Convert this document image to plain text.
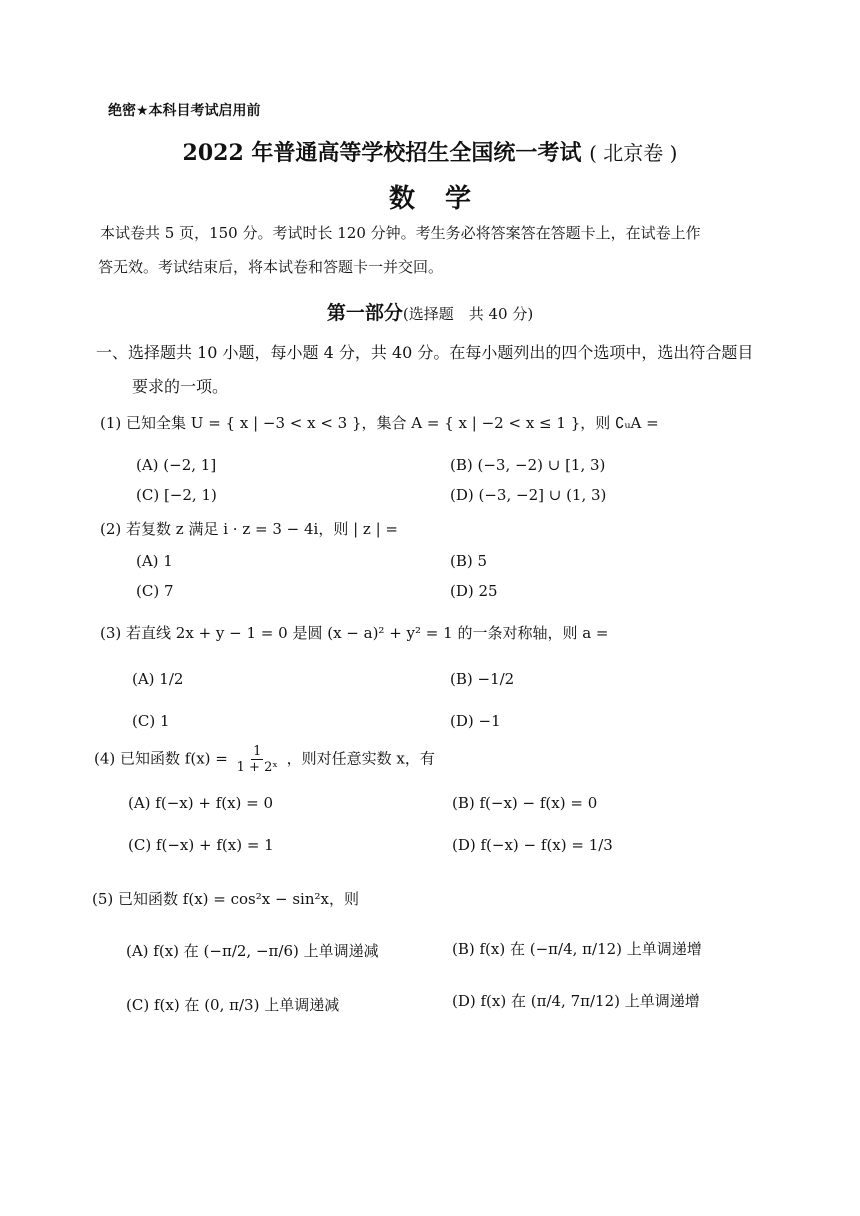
绝密★本科目考试启用前
2022 年普通高等学校招生全国统一考试 ( 北京卷 )
数学
本试卷共 5 页，150 分。考试时长 120 分钟。考生务必将答案答在答题卡上，在试卷上作
答无效。考试结束后，将本试卷和答题卡一并交回。
第一部分(选择题　共 40 分)
一、选择题共 10 小题，每小题 4 分，共 40 分。在每小题列出的四个选项中，选出符合题目
要求的一项。
(1) 已知全集 U = { x | −3 < x < 3 }，集合 A = { x | −2 < x ≤ 1 }，则 ∁ᵤA =
(A) (−2, 1]	(B) (−3, −2) ∪ [1, 3)
(C) [−2, 1)	(D) (−3, −2] ∪ (1, 3)
(2) 若复数 z 满足 i · z = 3 − 4i，则 | z | =
(A) 1	(B) 5
(C) 7	(D) 25
(3) 若直线 2x + y − 1 = 0 是圆 (x − a)² + y² = 1 的一条对称轴，则 a =
(A) 1/2	(B) −1/2
(C) 1	(D) −1
(4) 已知函数 $f(x) = \frac{1}{\text{1 + 2ˣ}}$ ，则对任意实数 x，有
(A) f(−x) + f(x) = 0	(B) f(−x) − f(x) = 0
(C) f(−x) + f(x) = 1	(D) f(−x) − f(x) = 1/3
(5) 已知函数 f(x) = cos²x − sin²x，则
(A) f(x) 在 (−π/2, −π/6) 上单调递减	(B) f(x) 在 (−π/4, π/12) 上单调递增
(C) f(x) 在 (0, π/3) 上单调递减	(D) f(x) 在 (π/4, 7π/12) 上单调递增
